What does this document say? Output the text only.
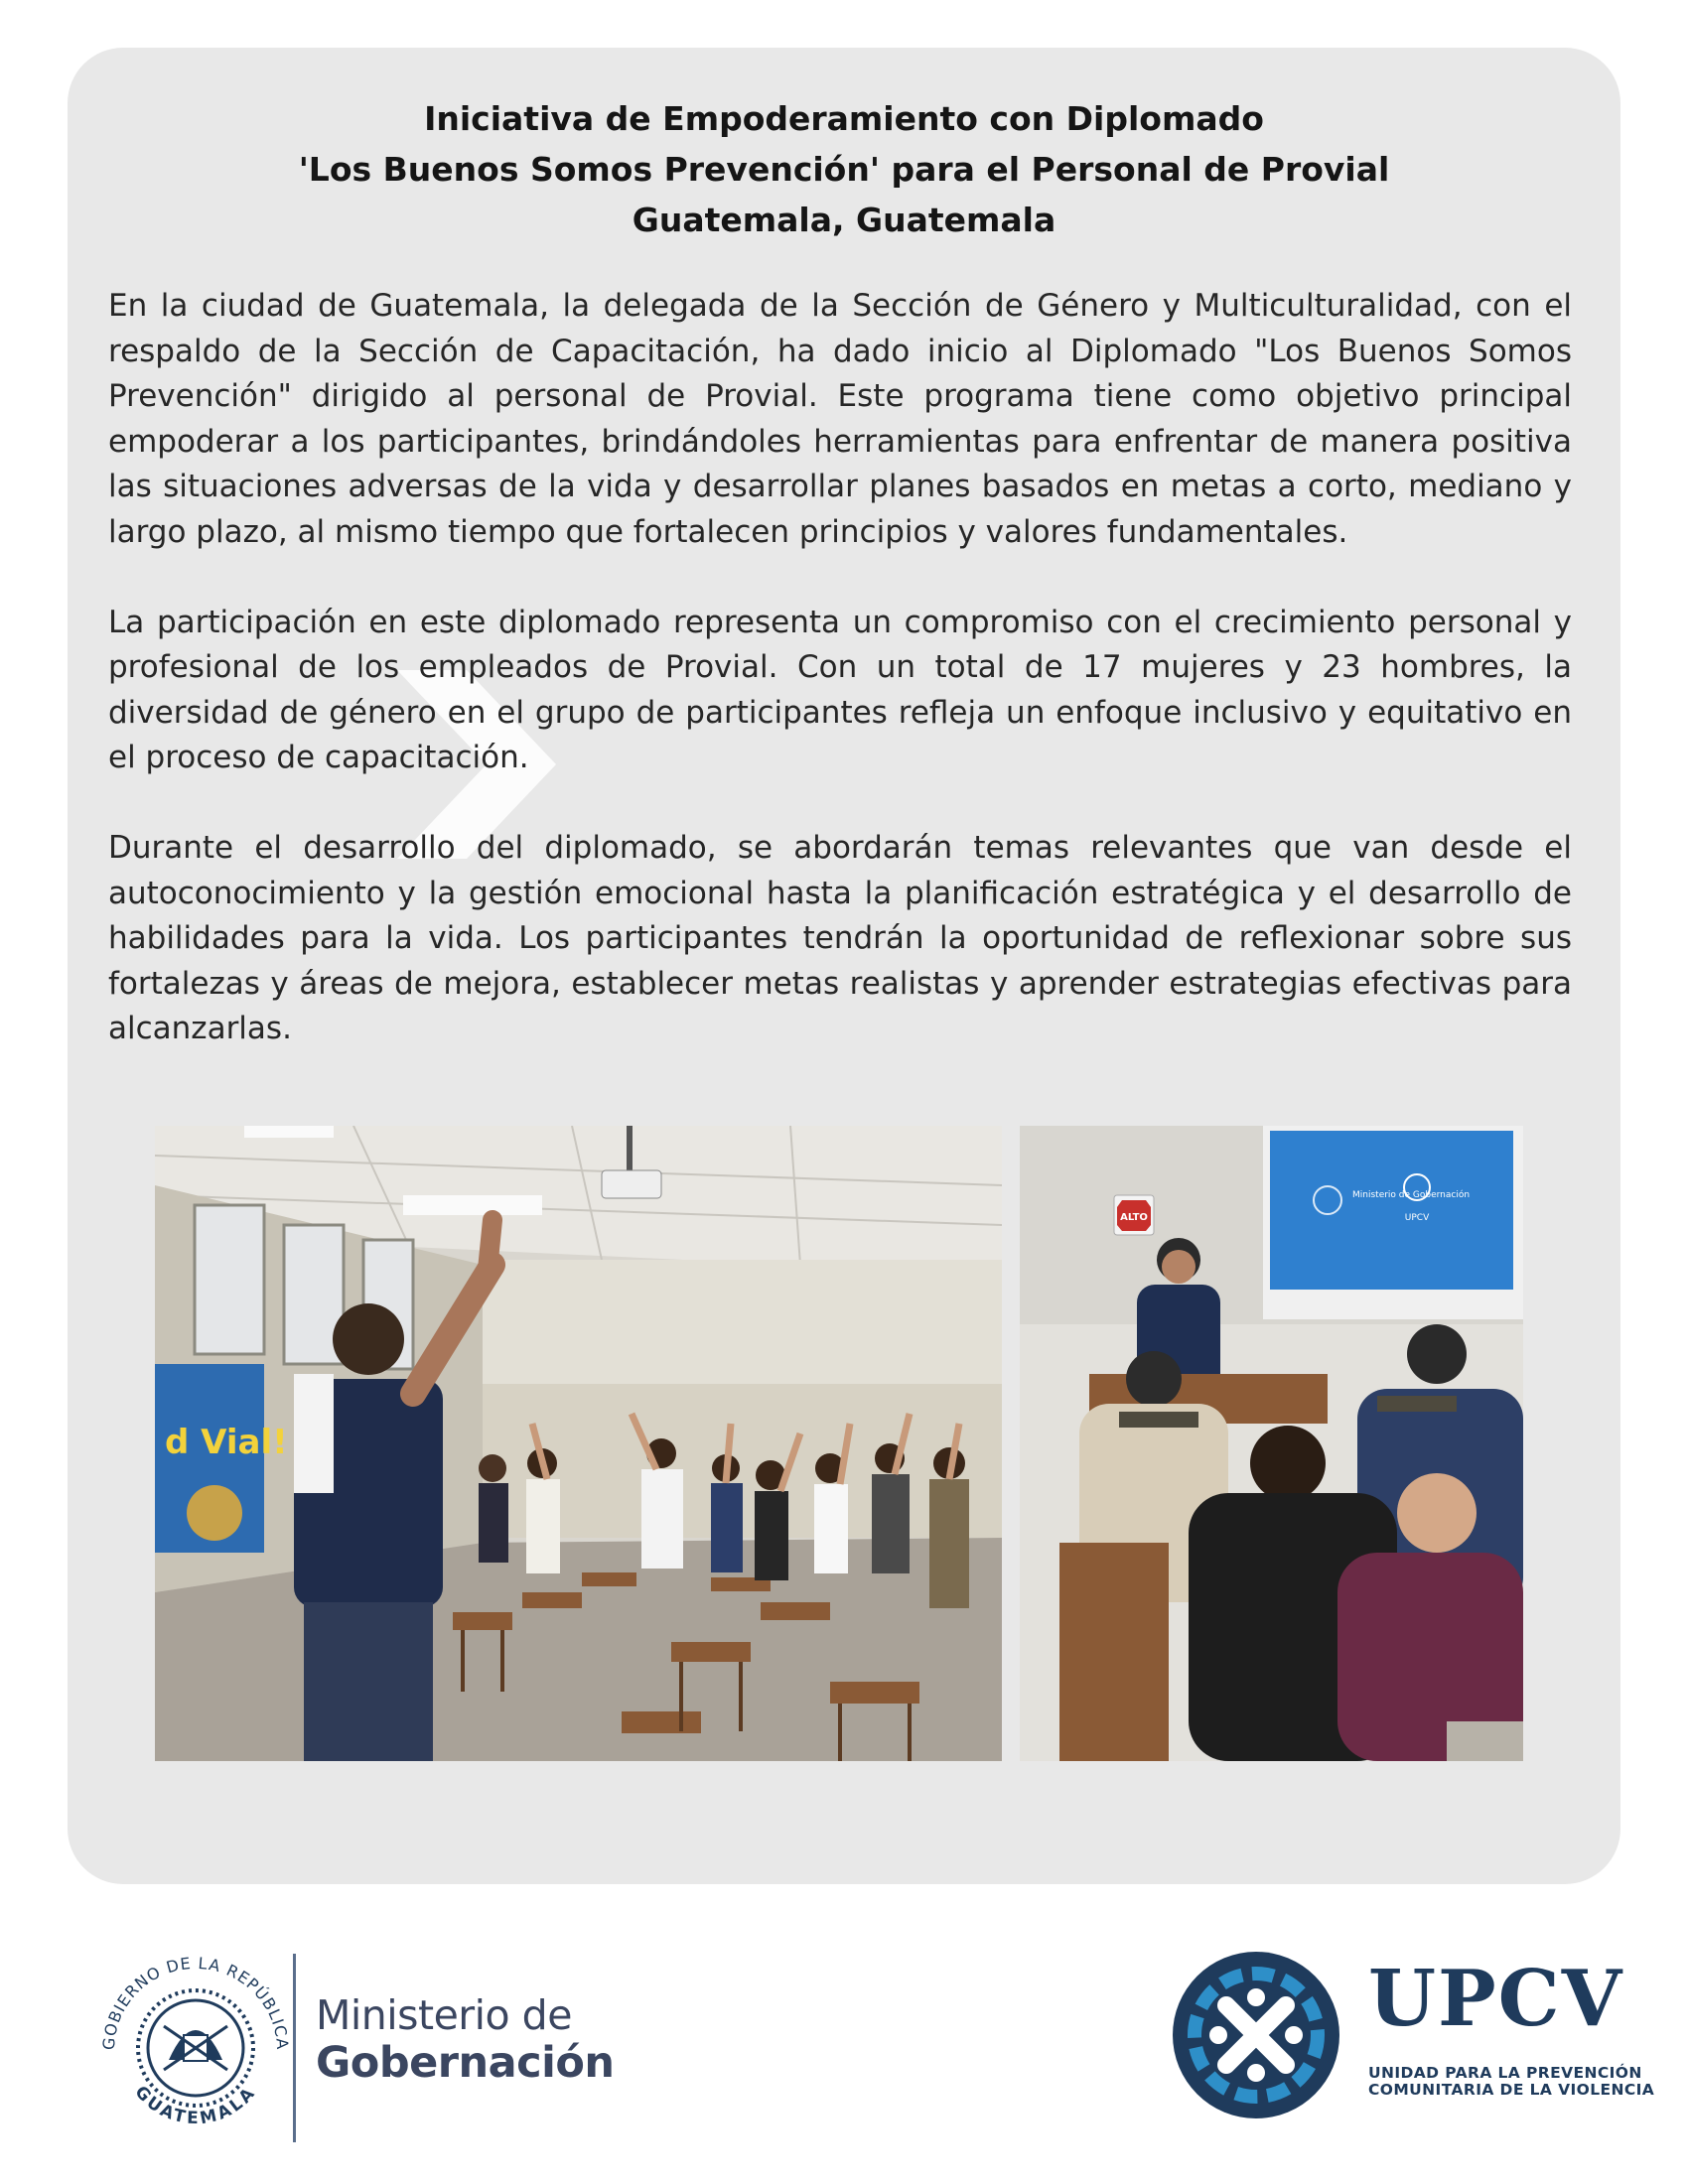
Iniciativa de Empoderamiento con Diplomado
'Los Buenos Somos Prevención' para el Personal de Provial
Guatemala, Guatemala

En la ciudad de Guatemala, la delegada de la Sección de Género y Multiculturalidad, con el respaldo de la Sección de Capacitación, ha dado inicio al Diplomado "Los Buenos Somos Prevención" dirigido al personal de Provial. Este programa tiene como objetivo principal empoderar a los participantes, brindándoles herramientas para enfrentar de manera positiva las situaciones adversas de la vida y desarrollar planes basados en metas a corto, mediano y largo plazo, al mismo tiempo que fortalecen principios y valores fundamentales.

La participación en este diplomado representa un compromiso con el crecimiento personal y profesional de los empleados de Provial. Con un total de 17 mujeres y 23 hombres, la diversidad de género en el grupo de participantes refleja un enfoque inclusivo y equitativo en el proceso de capacitación.

Durante el desarrollo del diplomado, se abordarán temas relevantes que van desde el autoconocimiento y la gestión emocional hasta la planificación estratégica y el desarrollo de habilidades para la vida. Los participantes tendrán la oportunidad de reflexionar sobre sus fortalezas y áreas de mejora, establecer metas realistas y aprender estrategias efectivas para alcanzarlas.

d Vial!
ALTO
Ministerio de Gobernación
UPCV
GOBIERNO DE LA REPÚBLICA
GUATEMALA
Ministerio de
Gobernación
UPCV
UNIDAD PARA LA PREVENCIÓN
COMUNITARIA DE LA VIOLENCIA
